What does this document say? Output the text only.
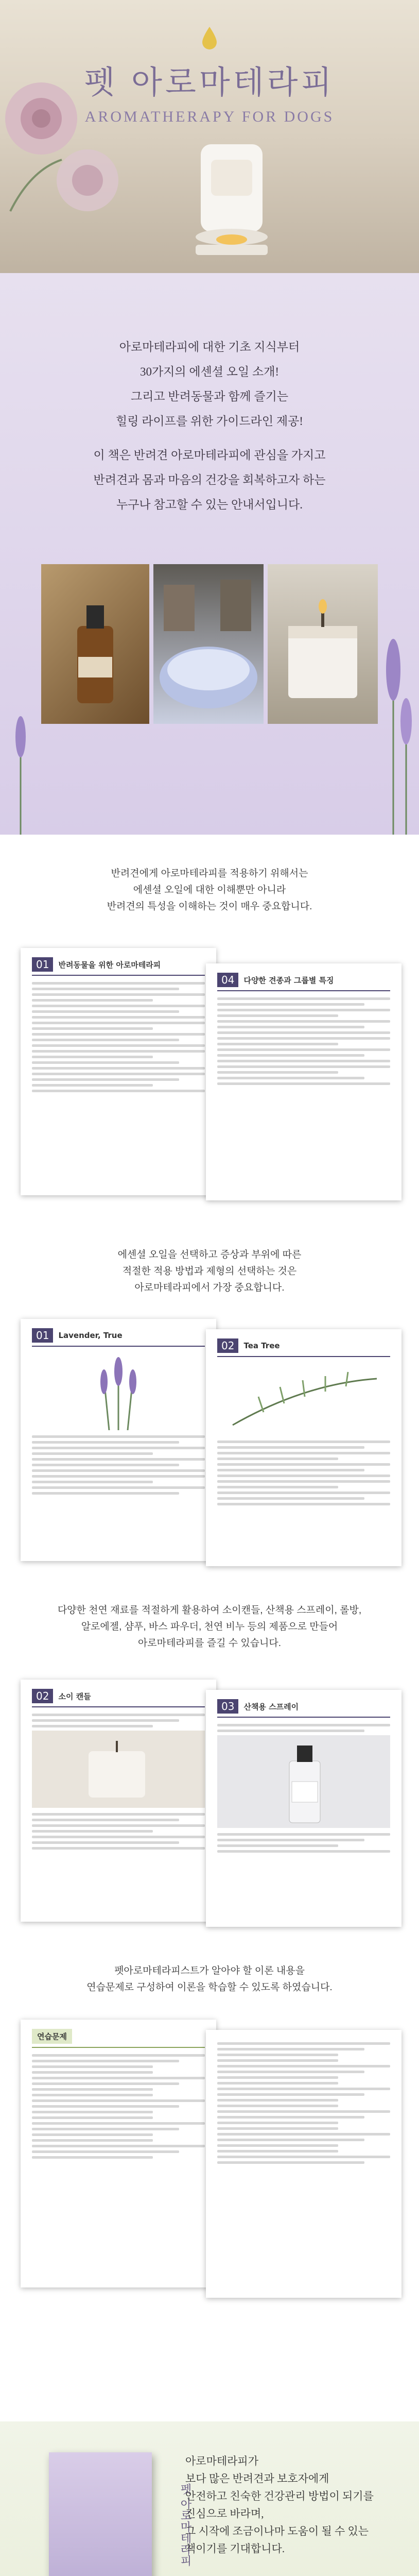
펫 아로마테라피
AROMATHERAPY FOR DOGS

아로마테라피에 대한 기초 지식부터
30가지의 에센셜 오일 소개!
그리고 반려동물과 함께 즐기는
힐링 라이프를 위한 가이드라인 제공!

이 책은 반려견 아로마테라피에 관심을 가지고
반려견과 몸과 마음의 건강을 회복하고자 하는
누구나 참고할 수 있는 안내서입니다.

반려견에게 아로마테라피를 적용하기 위해서는
에센셜 오일에 대한 이해뿐만 아니라
반려견의 특성을 이해하는 것이 매우 중요합니다.

01	반려동물을 위한 아로마테라피
04	다양한 견종과 그룹별 특징

에센셜 오일을 선택하고 증상과 부위에 따른
적절한 적용 방법과 제형의 선택하는 것은
아로마테라피에서 가장 중요합니다.

01	Lavender, True
02	Tea Tree

다양한 천연 재료를 적절하게 활용하여 소이캔들, 산책용 스프레이, 롤방,
알로에젤, 샴푸, 바스 파우더, 천연 비누 등의 제품으로 만들어
아로마테라피를 즐길 수 있습니다.

02	소이 캔들
03	산책용 스프레이

펫아로마테라피스트가 알아야 할 이론 내용을
연습문제로 구성하여 이론을 학습할 수 있도록 하였습니다.

연습문제
펫 아로마테라피

아로마테라피가
보다 많은 반려견과 보호자에게
안전하고 친숙한 건강관리 방법이 되기를
진심으로 바라며,
그 시작에 조금이나마 도움이 될 수 있는
책이기를 기대합니다.
